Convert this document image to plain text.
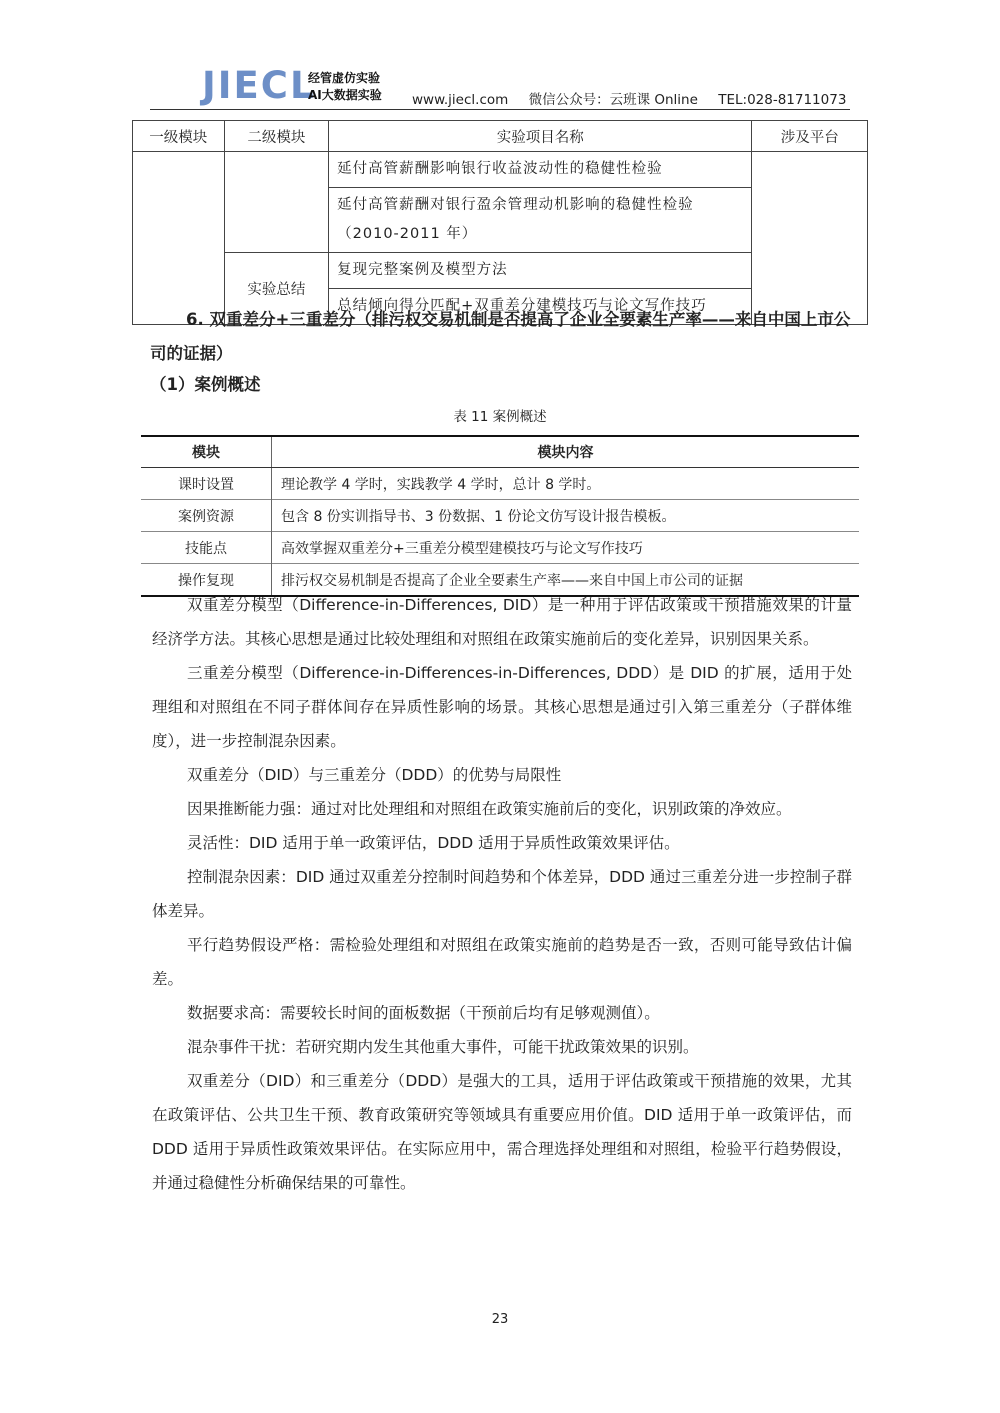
JIECL
经管虚仿实验
AI大数据实验 www.jiecl.com 微信公众号：云班课 Online TEL:028-81711073
一级模块	二级模块	实验项目名称	涉及平台
		延付高管薪酬影响银行收益波动性的稳健性检验	
		延付高管薪酬对银行盈余管理动机影响的稳健性检验（2010-2011 年）	
	实验总结	复现完整案例及模型方法	
		总结倾向得分匹配+双重差分建模技巧与论文写作技巧	
6. 双重差分+三重差分（排污权交易机制是否提高了企业全要素生产率——来自中国上市公司的证据）
（1）案例概述
表 11 案例概述
模块	模块内容
课时设置	理论教学 4 学时，实践教学 4 学时，总计 8 学时。
案例资源	包含 8 份实训指导书、3 份数据、1 份论文仿写设计报告模板。
技能点	高效掌握双重差分+三重差分模型建模技巧与论文写作技巧
操作复现	排污权交易机制是否提高了企业全要素生产率——来自中国上市公司的证据

双重差分模型（Difference-in-Differences, DID）是一种用于评估政策或干预措施效果的计量经济学方法。其核心思想是通过比较处理组和对照组在政策实施前后的变化差异，识别因果关系。

三重差分模型（Difference-in-Differences-in-Differences, DDD）是 DID 的扩展，适用于处理组和对照组在不同子群体间存在异质性影响的场景。其核心思想是通过引入第三重差分（子群体维度），进一步控制混杂因素。

双重差分（DID）与三重差分（DDD）的优势与局限性

因果推断能力强：通过对比处理组和对照组在政策实施前后的变化，识别政策的净效应。

灵活性：DID 适用于单一政策评估，DDD 适用于异质性政策效果评估。

控制混杂因素：DID 通过双重差分控制时间趋势和个体差异，DDD 通过三重差分进一步控制子群体差异。

平行趋势假设严格：需检验处理组和对照组在政策实施前的趋势是否一致，否则可能导致估计偏差。

数据要求高：需要较长时间的面板数据（干预前后均有足够观测值）。

混杂事件干扰：若研究期内发生其他重大事件，可能干扰政策效果的识别。

双重差分（DID）和三重差分（DDD）是强大的工具，适用于评估政策或干预措施的效果，尤其在政策评估、公共卫生干预、教育政策研究等领域具有重要应用价值。DID 适用于单一政策评估，而 DDD 适用于异质性政策效果评估。在实际应用中，需合理选择处理组和对照组，检验平行趋势假设，并通过稳健性分析确保结果的可靠性。

23
